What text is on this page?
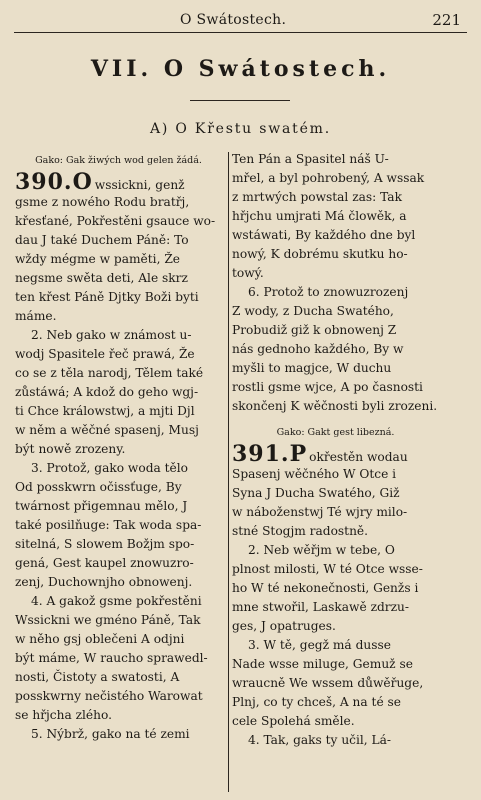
O Swátostech.	221
VII. O Swátostech.
A) O Křestu swatém.
Gako: Gak žiwých wod gelen žádá.
390.O wssickni, genž
gsme z nowého Rodu bratřj,
křesťané, Pokřestěni gsauce wo-
dau J také Duchem Páně: To
wždy mégme w paměti, Že
negsme swěta deti, Ale skrz
ten křest Páně Djtky Boži byti
máme.
2. Neb gako w známost u-
wodj Spasitele řeč prawá, Že
co se z těla narodj, Tělem také
zůstáwá; A kdož do geho wgj-
ti Chce králowstwj, a mjti Djl
w něm a wěčné spasenj, Musj
být nowě zrozeny.
3. Protož, gako woda tělo
Od posskwrn očissťuge, By
twárnost přigemnau mělo, J
také posilňuge: Tak woda spa-
sitelná, S slowem Božjm spo-
gená, Gest kaupel znowuzro-
zenj, Duchownjho obnowenj.
4. A gakož gsme pokřestěni
Wssickni we gméno Páně, Tak
w něho gsj oblečeni A odjni
být máme, W raucho sprawedl-
nosti, Čistoty a swatosti, A
posskwrny nečistého Warowat
se hřjcha zlého.
5. Nýbrž, gako na té zemi
Ten Pán a Spasitel náš U-
mřel, a byl pohrobený, A wssak
z mrtwých powstal zas: Tak
hřjchu umjrati Má člowěk, a
wstáwati, By každého dne byl
nowý, K dobrému skutku ho-
towý.
6. Protož to znowuzrozenj
Z wody, z Ducha Swatého,
Probudiž giž k obnowenj Z
nás gednoho každého, By w
myšli to magjce, W duchu
rostli gsme wjce, A po časnosti
skončenj K wěčnosti byli zrozeni.
Gako: Gakt gest libezná.
391.P okřestěn wodau
Spasenj wěčného W Otce i
Syna J Ducha Swatého, Giž
w náboženstwj Té wjry milo-
stné Stogjm radostně.
2. Neb wěřjm w tebe, O
plnost milosti, W té Otce wsse-
ho W té nekonečnosti, Genžs i
mne stwořil, Laskawě zdrzu-
ges, J opatruges.
3. W tě, gegž má dusse
Nade wsse miluge, Gemuž se
wraucně We wssem důwěřuge,
Plnj, co ty chceš, A na té se
cele Spolehá směle.
4. Tak, gaks ty učil, Lá-
